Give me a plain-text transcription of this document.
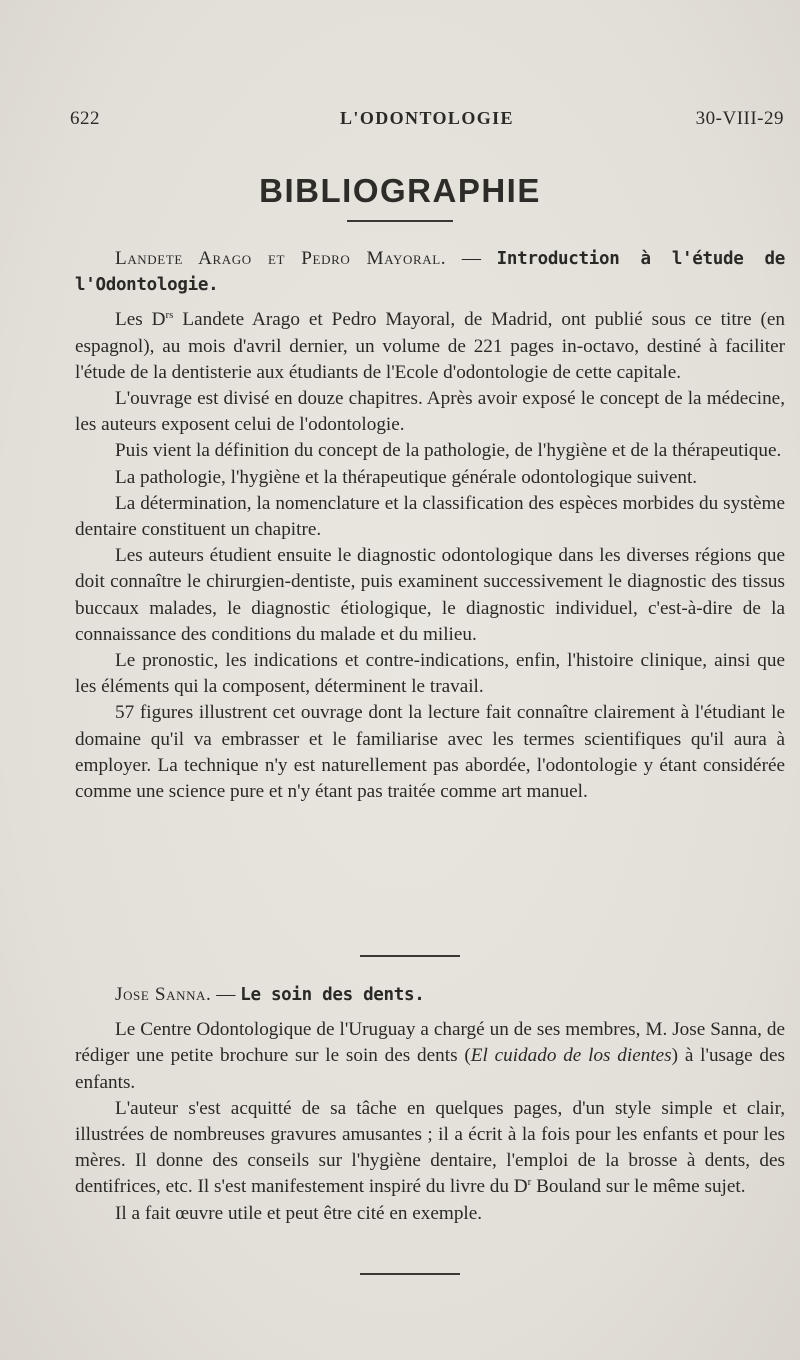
622	L'ODONTOLOGIE	30-VIII-29
BIBLIOGRAPHIE

Landete Arago et Pedro Mayoral. — Introduction à l'étude de l'Odontologie.

Les $D^{rs}$ Landete Arago et Pedro Mayoral, de Madrid, ont publié sous ce titre (en espagnol), au mois d'avril dernier, un volume de 221 pages in-octavo, destiné à faciliter l'étude de la dentisterie aux étudiants de l'Ecole d'odontologie de cette capitale.

L'ouvrage est divisé en douze chapitres. Après avoir exposé le concept de la médecine, les auteurs exposent celui de l'odontologie.

Puis vient la définition du concept de la pathologie, de l'hygiène et de la thérapeutique.

La pathologie, l'hygiène et la thérapeutique générale odontologique suivent.

La détermination, la nomenclature et la classification des espèces morbides du système dentaire constituent un chapitre.

Les auteurs étudient ensuite le diagnostic odontologique dans les diverses régions que doit connaître le chirurgien-dentiste, puis examinent successivement le diagnostic des tissus buccaux malades, le diagnostic étiologique, le diagnostic individuel, c'est-à-dire de la connaissance des conditions du malade et du milieu.

Le pronostic, les indications et contre-indications, enfin, l'histoire clinique, ainsi que les éléments qui la composent, déterminent le travail.

57 figures illustrent cet ouvrage dont la lecture fait connaître clairement à l'étudiant le domaine qu'il va embrasser et le familiarise avec les termes scientifiques qu'il aura à employer. La technique n'y est naturellement pas abordée, l'odontologie y étant considérée comme une science pure et n'y étant pas traitée comme art manuel.

Jose Sanna. — Le soin des dents.

Le Centre Odontologique de l'Uruguay a chargé un de ses membres, M. Jose Sanna, de rédiger une petite brochure sur le soin des dents (El cuidado de los dientes) à l'usage des enfants.

L'auteur s'est acquitté de sa tâche en quelques pages, d'un style simple et clair, illustrées de nombreuses gravures amusantes ; il a écrit à la fois pour les enfants et pour les mères. Il donne des conseils sur l'hygiène dentaire, l'emploi de la brosse à dents, des dentifrices, etc. Il s'est manifestement inspiré du livre du $D^r$ Bouland sur le même sujet.

Il a fait œuvre utile et peut être cité en exemple.
